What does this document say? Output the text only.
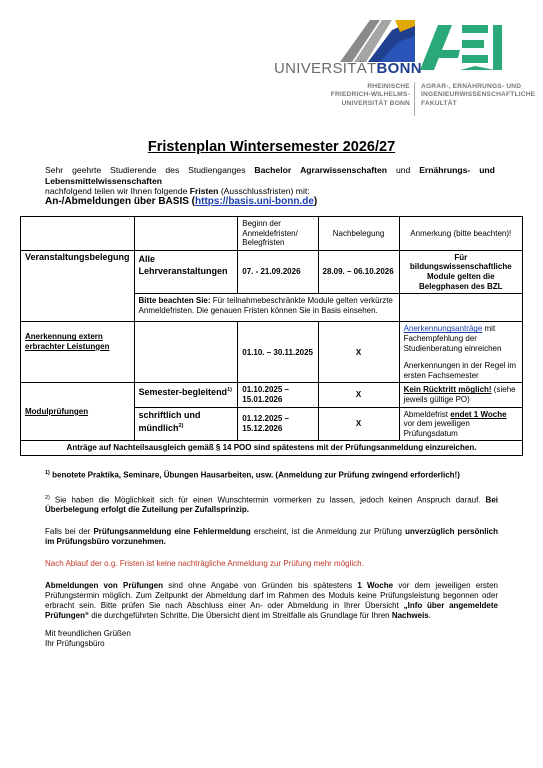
UNIVERSITÄTBONN
RHEINISCHE
FRIEDRICH-WILHELMS-
UNIVERSITÄT BONN
AGRAR-, ERNÄHRUNGS- UND
INGENIEURWISSENSCHAFTLICHE
FAKULTÄT
Fristenplan Wintersemester 2026/27
Sehr geehrte Studierende des Studienganges Bachelor Agrarwissenschaften und Ernährungs- und
Lebensmittelwissenschaften
nachfolgend teilen wir Ihnen folgende Fristen (Ausschlussfristen) mit:
An-/Abmeldungen über BASIS (https://basis.uni-bonn.de)
		Beginn der Anmeldefristen/ Belegfristen	Nachbelegung	Anmerkung (bitte beachten)!
Veranstaltungsbelegung	Alle Lehrveranstaltungen	07. - 21.09.2026	28.09. – 06.10.2026	Für bildungswissenschaftliche Module gelten die Belegphasen des BZL
	Bitte beachten Sie: Für teilnahmebeschränkte Module gelten verkürzte Anmeldefristen. Die genauen Fristen können Sie in Basis einsehen.			
Anerkennung extern erbrachter Leistungen		01.10. – 30.11.2025	X	Anerkennungsanträge mit Fachempfehlung der Studienberatung einreichen
Anerkennungen in der Regel im ersten Fachsemester

Modulprüfungen	Semester-begleitend$^{1)}$	01.10.2025 – 15.01.2026	X	Kein Rücktritt möglich! (siehe jeweils gültige PO)
	schriftlich und mündlich$^{2)}$	01.12.2025 – 15.12.2026	X	Abmeldefrist endet 1 Woche vor dem jeweiligen Prüfungsdatum
Anträge auf Nachteilsausgleich gemäß § 14 POO sind spätestens mit der Prüfungsanmeldung einzureichen.				

$^{1)}$ benotete Praktika, Seminare, Übungen Hausarbeiten, usw. (Anmeldung zur Prüfung zwingend erforderlich!)

$^{2)}$ Sie haben die Möglichkeit sich für einen Wunschtermin vormerken zu lassen, jedoch keinen Anspruch darauf. Bei Überbelegung erfolgt die Zuteilung per Zufallsprinzip.

Falls bei der Prüfungsanmeldung eine Fehlermeldung erscheint, ist die Anmeldung zur Prüfung unverzüglich persönlich im Prüfungsbüro vorzunehmen.

Nach Ablauf der o.g. Fristen ist keine nachträgliche Anmeldung zur Prüfung mehr möglich.

Abmeldungen von Prüfungen sind ohne Angabe von Gründen bis spätestens 1 Woche vor dem jeweiligen ersten Prüfungstermin möglich. Zum Zeitpunkt der Abmeldung darf im Rahmen des Moduls keine Prüfungsleistung begonnen oder erbracht sein. Bitte prüfen Sie nach Abschluss einer An- oder Abmeldung in Ihrer Übersicht „Info über angemeldete Prüfungen“ die durchgeführten Schritte. Die Übersicht dient im Streitfalle als Grundlage für Ihren Nachweis.

Mit freundlichen Grüßen
Ihr Prüfungsbüro
